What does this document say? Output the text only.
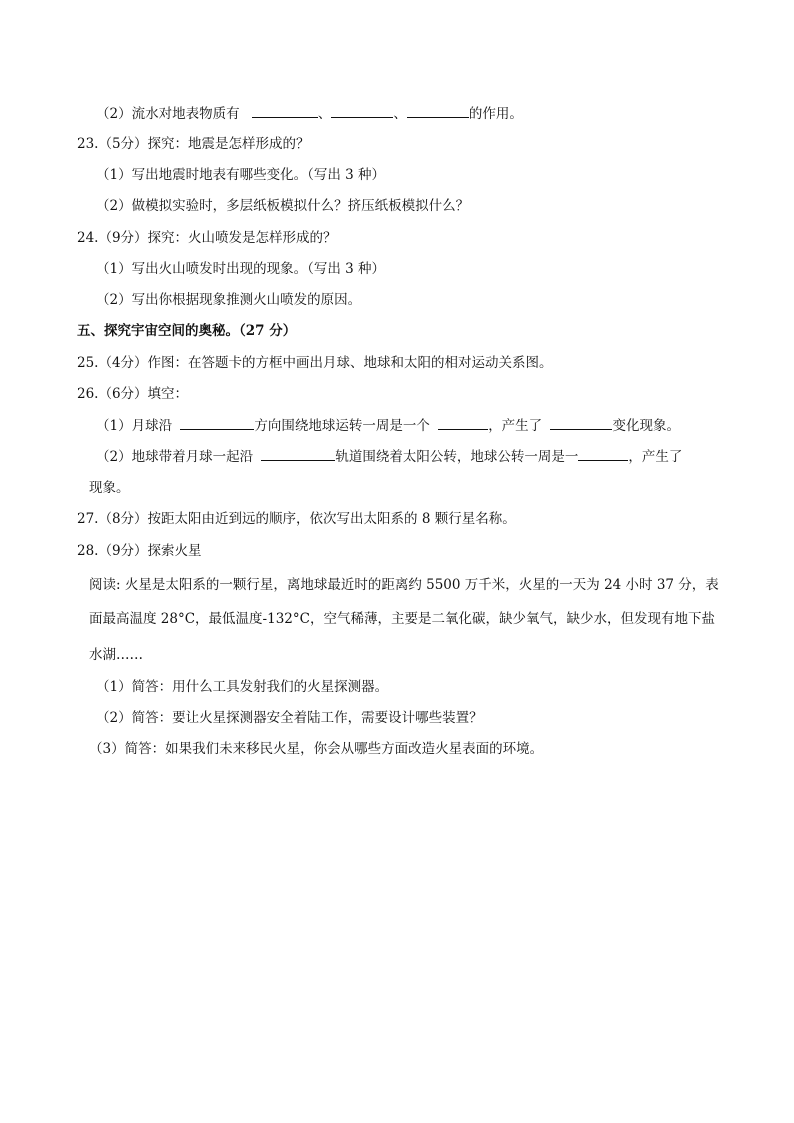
（2）流水对地表物质有	、	、	的作用。
23.（5分）探究：地震是怎样形成的？
（1）写出地震时地表有哪些变化。（写出 3 种）
（2）做模拟实验时，多层纸板模拟什么？挤压纸板模拟什么？
24.（9分）探究：火山喷发是怎样形成的？
（1）写出火山喷发时出现的现象。（写出 3 种）
（2）写出你根据现象推测火山喷发的原因。
五、探究宇宙空间的奥秘。（27 分）
25.（4分）作图：在答题卡的方框中画出月球、地球和太阳的相对运动关系图。
26.（6分）填空：
（1）月球沿	方向围绕地球运转一周是一个	，产生了	变化现象。
（2）地球带着月球一起沿	轨道围绕着太阳公转，地球公转一周是一	，产生了
现象。
27.（8分）按距太阳由近到远的顺序，依次写出太阳系的 8 颗行星名称。
28.（9分）探索火星
阅读: 火星是太阳系的一颗行星，离地球最近时的距离约 5500 万千米，火星的一天为 24 小时 37 分，表
面最高温度 28°C，最低温度-132°C，空气稀薄，主要是二氧化碳，缺少氧气，缺少水，但发现有地下盐
水湖……
（1）简答：用什么工具发射我们的火星探测器。
（2）简答：要让火星探测器安全着陆工作，需要设计哪些装置？
（3）简答：如果我们未来移民火星，你会从哪些方面改造火星表面的环境。
